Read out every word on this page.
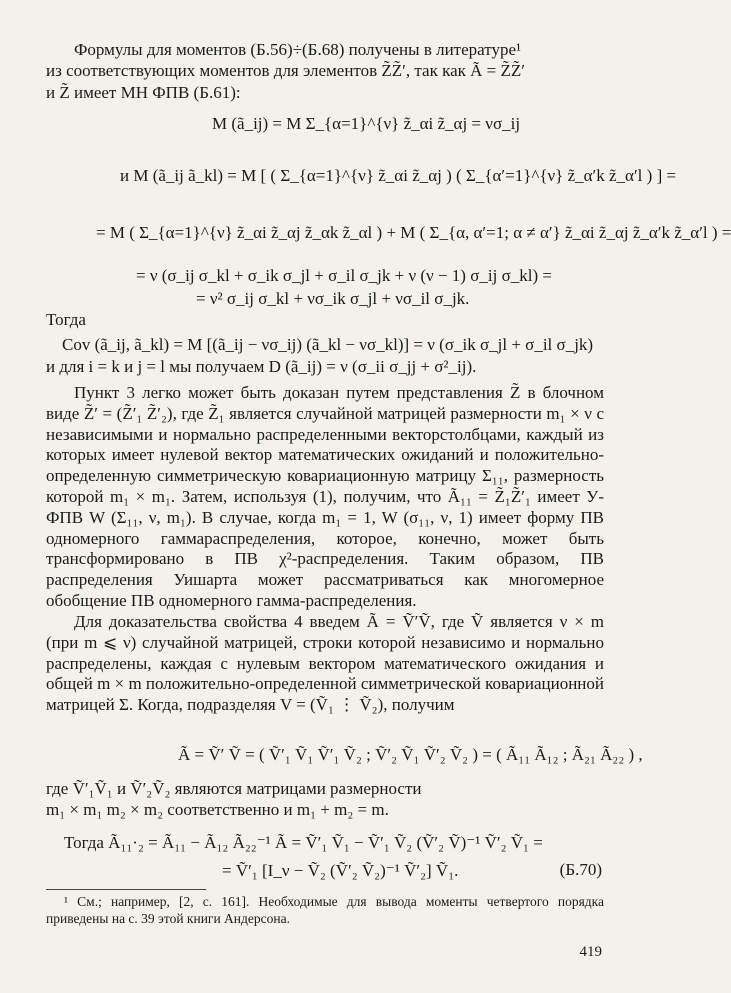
Формулы для моментов (Б.56)÷(Б.68) получены в литературе¹
из соответствующих моментов для элементов Z̃Z̃′, так как Ã = Z̃Z̃′
и Z̃ имеет МН ФПВ (Б.61):
M (ã_ij) = M Σ_{α=1}^{ν} z̃_αi z̃_αj = νσ_ij
и M (ã_ij ã_kl) = M [ ( Σ_{α=1}^{ν} z̃_αi z̃_αj ) ( Σ_{α′=1}^{ν} z̃_α′k z̃_α′l ) ] =
= M ( Σ_{α=1}^{ν} z̃_αi z̃_αj z̃_αk z̃_αl ) + M ( Σ_{α, α′=1; α ≠ α′} z̃_αi z̃_αj z̃_α′k z̃_α′l ) =
= ν (σ_ij σ_kl + σ_ik σ_jl + σ_il σ_jk + ν (ν − 1) σ_ij σ_kl) =
= ν² σ_ij σ_kl + νσ_ik σ_jl + νσ_il σ_jk.
Тогда
Cov (ã_ij, ã_kl) = M [(ã_ij − νσ_ij) (ã_kl − νσ_kl)] = ν (σ_ik σ_jl + σ_il σ_jk)
и для i = k и j = l мы получаем D (ã_ij) = ν (σ_ii σ_jj + σ²_ij).
Пункт 3 легко может быть доказан путем представления Z̃ в блочном виде Z̃′ = (Z̃′₁ Z̃′₂), где Z̃₁ является случайной матрицей размерности m₁ × ν с независимыми и нормально распределенными векторстолбцами, каждый из которых имеет нулевой вектор математических ожиданий и положительно-определенную симметрическую ковариационную матрицу Σ₁₁, размерность которой m₁ × m₁. Затем, используя (1), получим, что Ã₁₁ = Z̃₁Z̃′₁ имеет У-ФПВ W (Σ₁₁, ν, m₁). В случае, когда m₁ = 1, W (σ₁₁, ν, 1) имеет форму ПВ одномерного гаммараспределения, которое, конечно, может быть трансформировано в ПВ χ²-распределения. Таким образом, ПВ распределения Уишарта может рассматриваться как многомерное обобщение ПВ одномерного гамма-распределения.
Для доказательства свойства 4 введем Ã = Ṽ′Ṽ, где Ṽ является ν × m (при m ⩽ ν) случайной матрицей, строки которой независимо и нормально распределены, каждая с нулевым вектором математического ожидания и общей m × m положительно-определенной симметрической ковариационной матрицей Σ. Когда, подразделяя V = (Ṽ₁ ⋮ Ṽ₂), получим
Ã = Ṽ′ Ṽ = ( Ṽ′₁ Ṽ₁ Ṽ′₁ Ṽ₂ ; Ṽ′₂ Ṽ₁ Ṽ′₂ Ṽ₂ ) = ( Ã₁₁ Ã₁₂ ; Ã₂₁ Ã₂₂ ) ,
где Ṽ′₁Ṽ₁ и Ṽ′₂Ṽ₂ являются матрицами размерности
m₁ × m₁ m₂ × m₂ соответственно и m₁ + m₂ = m.
Тогда Ã₁₁·₂ = Ã₁₁ − Ã₁₂ Ã₂₂⁻¹ Ã = Ṽ′₁ Ṽ₁ − Ṽ′₁ Ṽ₂ (Ṽ′₂ Ṽ)⁻¹ Ṽ′₂ Ṽ₁ =
= Ṽ′₁ [I_ν − Ṽ₂ (Ṽ′₂ Ṽ₂)⁻¹ Ṽ′₂] Ṽ₁.	(Б.70)
¹ См.; например, [2, с. 161]. Необходимые для вывода моменты четвертого порядка приведены на с. 39 этой книги Андерсона.
419
